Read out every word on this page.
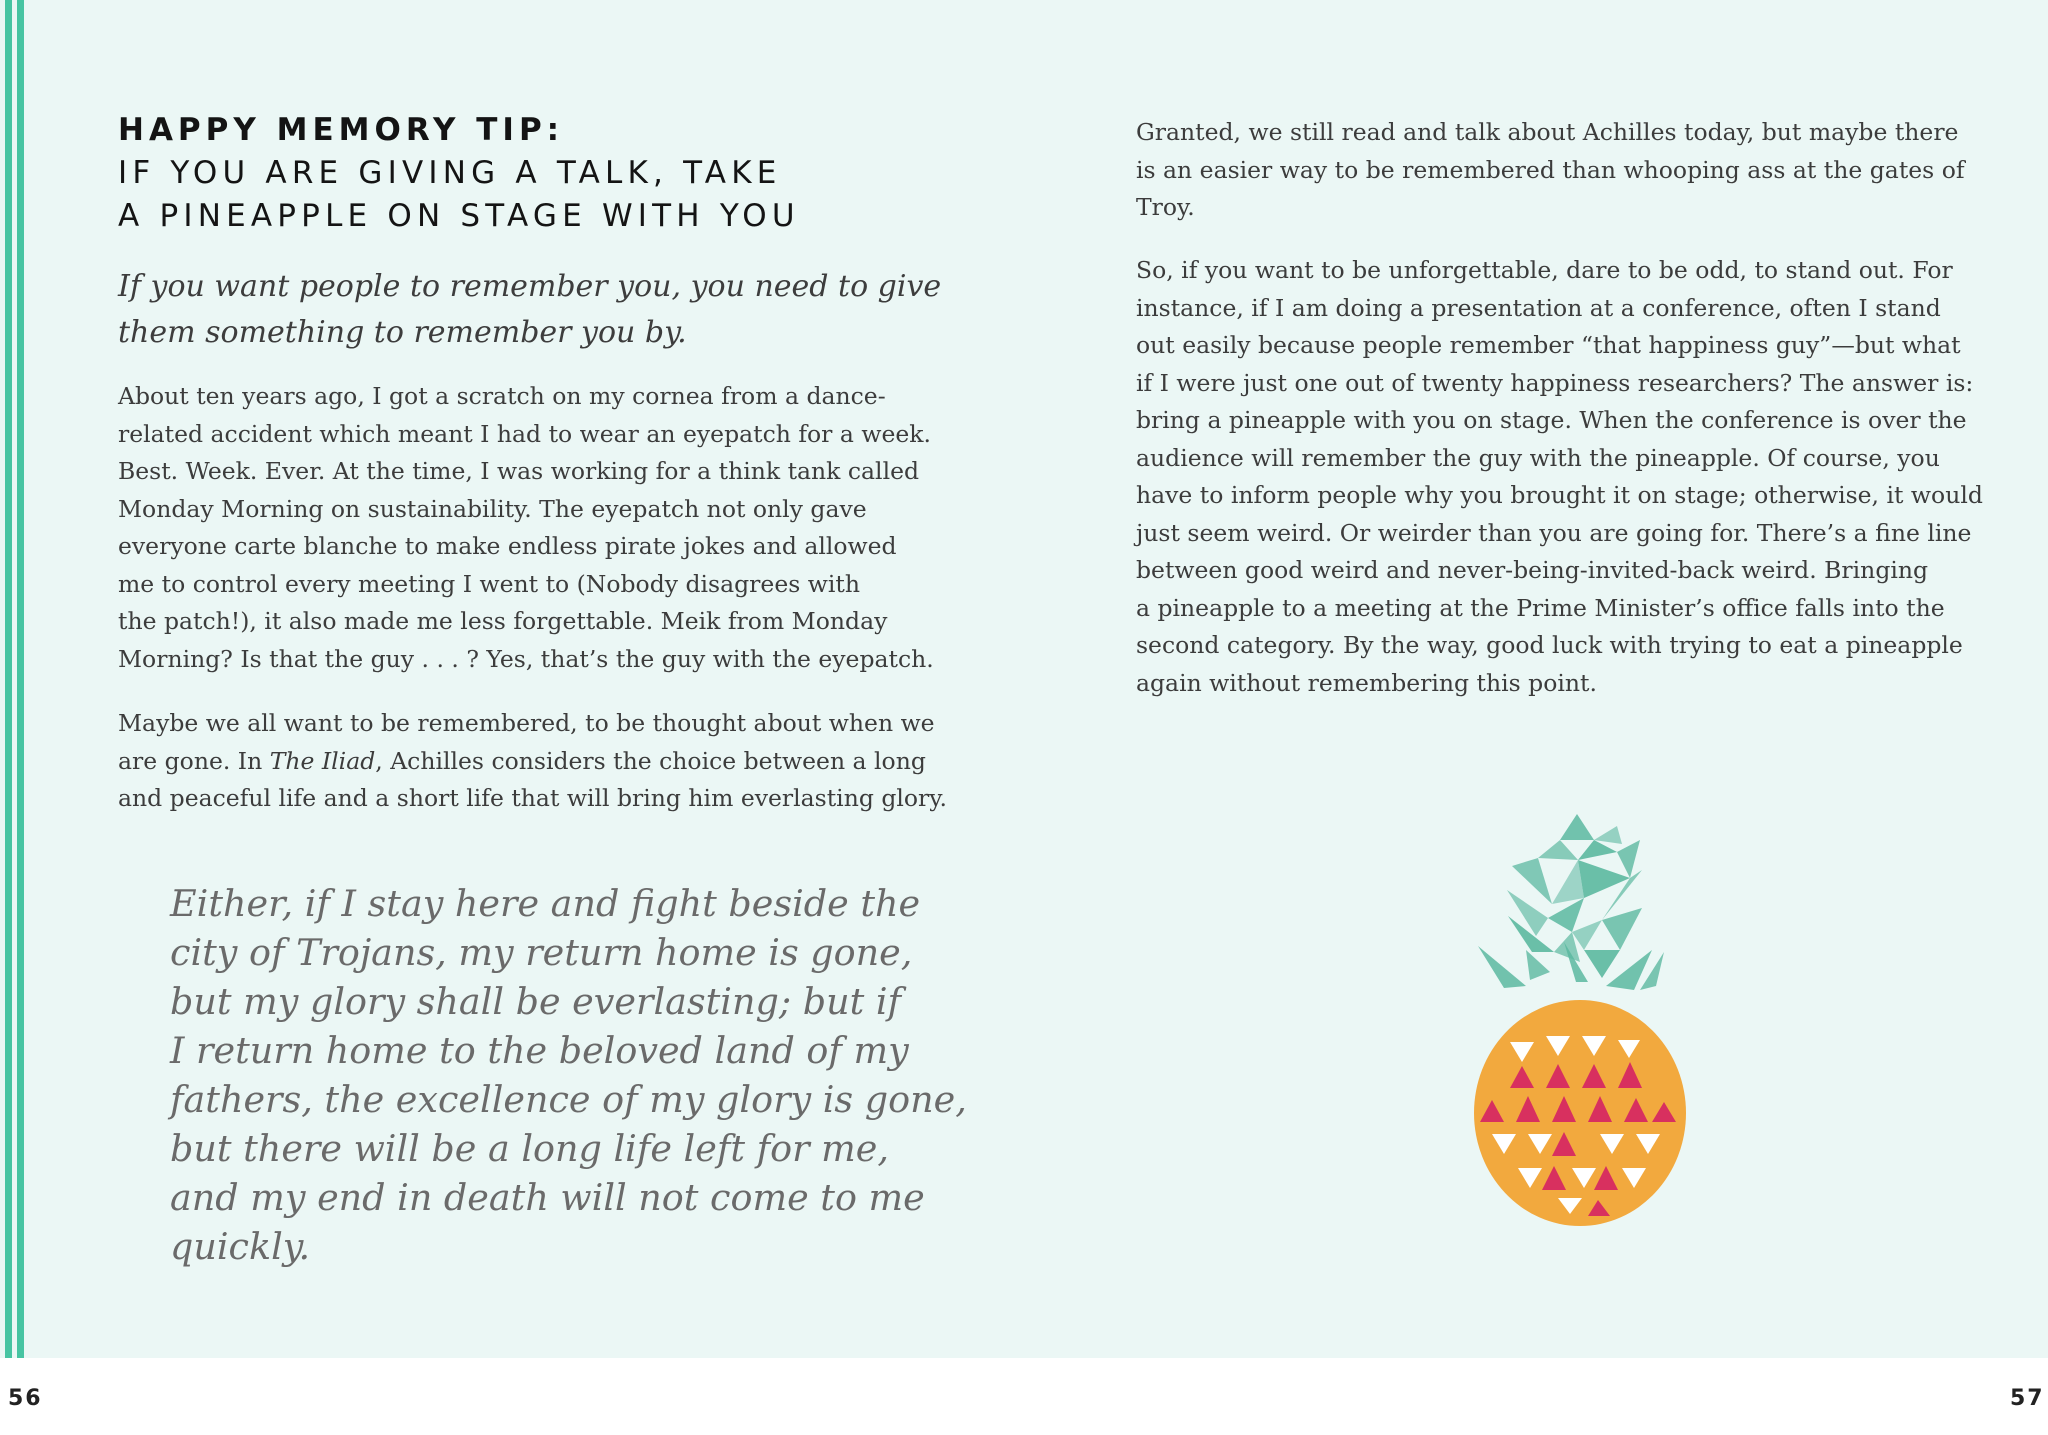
HAPPY MEMORY TIP:
IF YOU ARE GIVING A TALK, TAKE
A PINEAPPLE ON STAGE WITH YOU

If you want people to remember you, you need to give
them something to remember you by.

About ten years ago, I got a scratch on my cornea from a dance-
related accident which meant I had to wear an eyepatch for a week.
Best. Week. Ever. At the time, I was working for a think tank called
Monday Morning on sustainability. The eyepatch not only gave
everyone carte blanche to make endless pirate jokes and allowed
me to control every meeting I went to (Nobody disagrees with
the patch!), it also made me less forgettable. Meik from Monday
Morning? Is that the guy . . . ? Yes, that’s the guy with the eyepatch.

Maybe we all want to be remembered, to be thought about when we
are gone. In The Iliad, Achilles considers the choice between a long
and peaceful life and a short life that will bring him everlasting glory.

Either, if I stay here and fight beside the
city of Trojans, my return home is gone,
but my glory shall be everlasting; but if
I return home to the beloved land of my
fathers, the excellence of my glory is gone,
but there will be a long life left for me,
and my end in death will not come to me
quickly.

Granted, we still read and talk about Achilles today, but maybe there
is an easier way to be remembered than whooping ass at the gates of
Troy.

So, if you want to be unforgettable, dare to be odd, to stand out. For
instance, if I am doing a presentation at a conference, often I stand
out easily because people remember “that happiness guy”—but what
if I were just one out of twenty happiness researchers? The answer is:
bring a pineapple with you on stage. When the conference is over the
audience will remember the guy with the pineapple. Of course, you
have to inform people why you brought it on stage; otherwise, it would
just seem weird. Or weirder than you are going for. There’s a fine line
between good weird and never-being-invited-back weird. Bringing
a pineapple to a meeting at the Prime Minister’s office falls into the
second category. By the way, good luck with trying to eat a pineapple
again without remembering this point.

56	57
